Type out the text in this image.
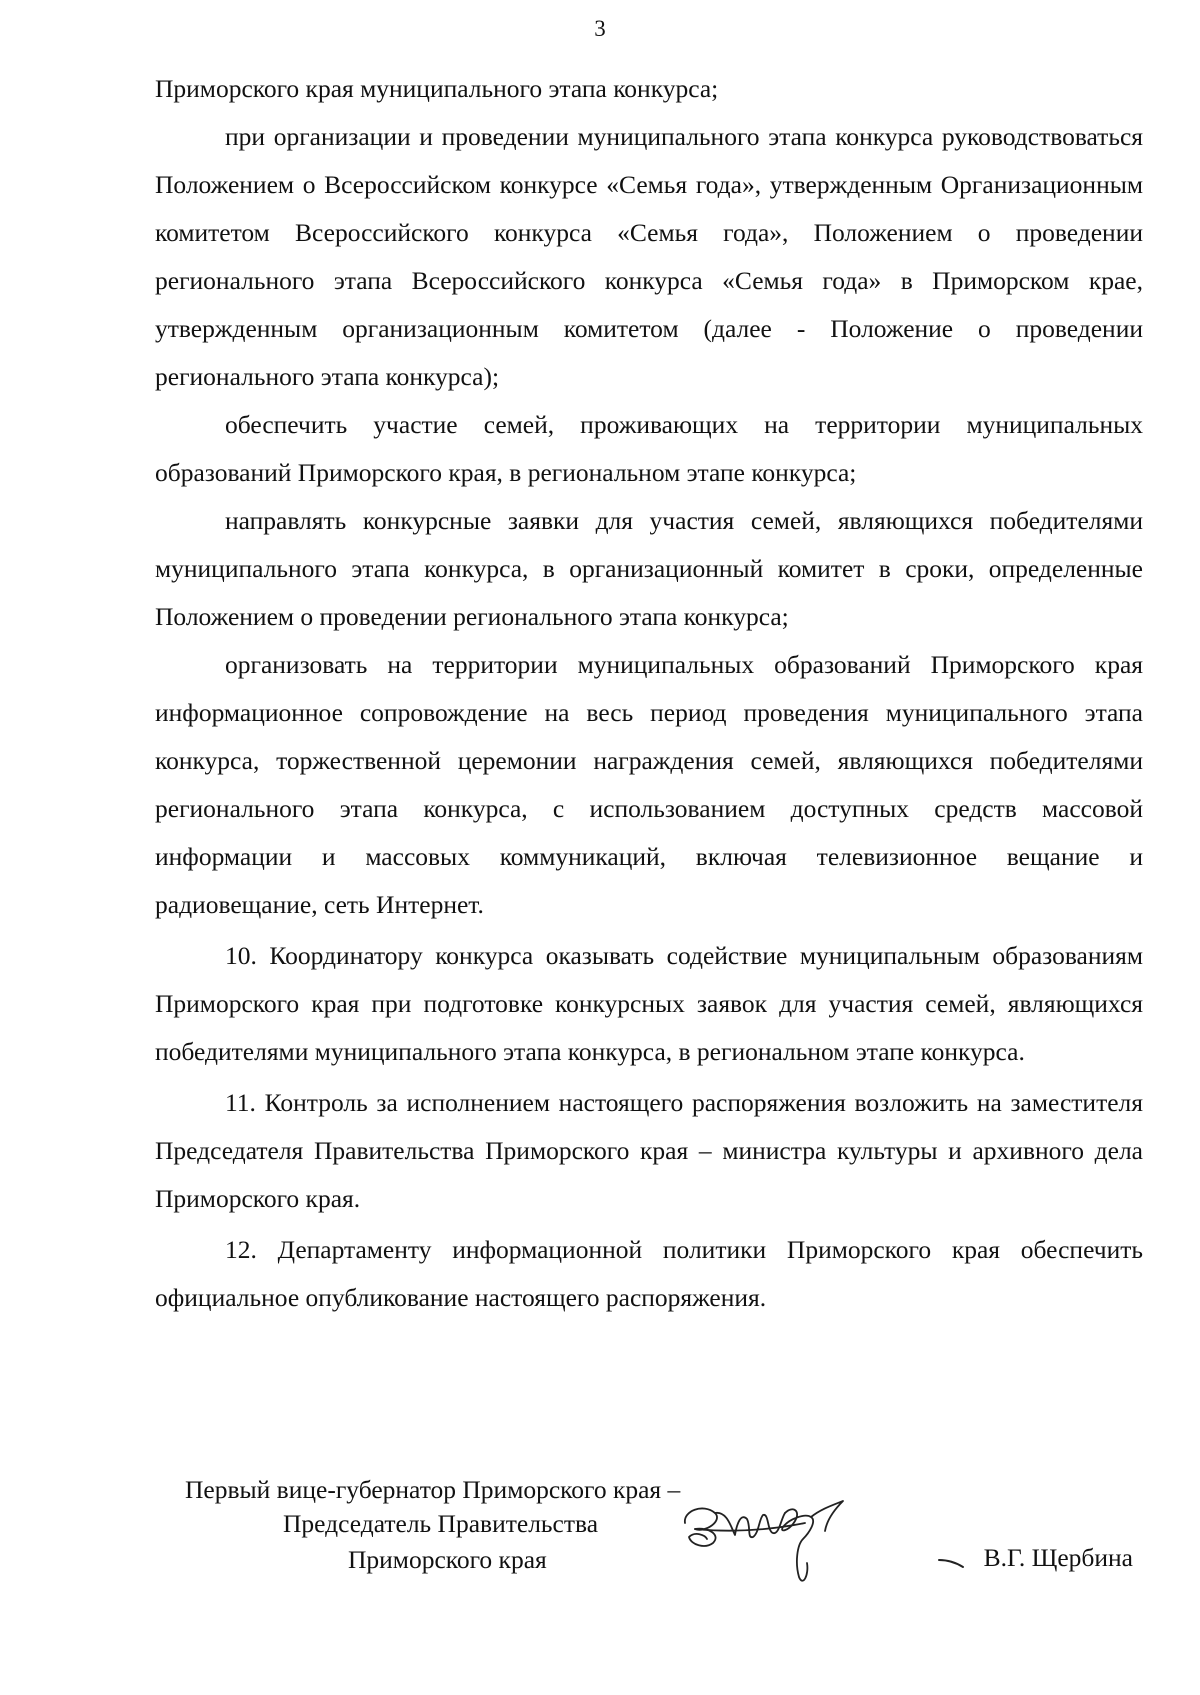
3

Приморского края муниципального этапа конкурса;

при организации и проведении муниципального этапа конкурса руководствоваться Положением о Всероссийском конкурсе «Семья года», утвержденным Организационным комитетом Всероссийского конкурса «Семья года», Положением о проведении регионального этапа Всероссийского конкурса «Семья года» в Приморском крае, утвержденным организационным комитетом (далее - Положение о проведении регионального этапа конкурса);

обеспечить участие семей, проживающих на территории муниципальных образований Приморского края, в региональном этапе конкурса;

направлять конкурсные заявки для участия семей, являющихся победителями муниципального этапа конкурса, в организационный комитет в сроки, определенные Положением о проведении регионального этапа конкурса;

организовать на территории муниципальных образований Приморского края информационное сопровождение на весь период проведения муниципального этапа конкурса, торжественной церемонии награждения семей, являющихся победителями регионального этапа конкурса, с использованием доступных средств массовой информации и массовых коммуникаций, включая телевизионное вещание и радиовещание, сеть Интернет.

10. Координатору конкурса оказывать содействие муниципальным образованиям Приморского края при подготовке конкурсных заявок для участия семей, являющихся победителями муниципального этапа конкурса, в региональном этапе конкурса.

11. Контроль за исполнением настоящего распоряжения возложить на заместителя Председателя Правительства Приморского края – министра культуры и архивного дела Приморского края.

12. Департаменту информационной политики Приморского края обеспечить официальное опубликование настоящего распоряжения.

Первый вице-губернатор Приморского края –
Председатель Правительства
Приморского края	В.Г. Щербина
